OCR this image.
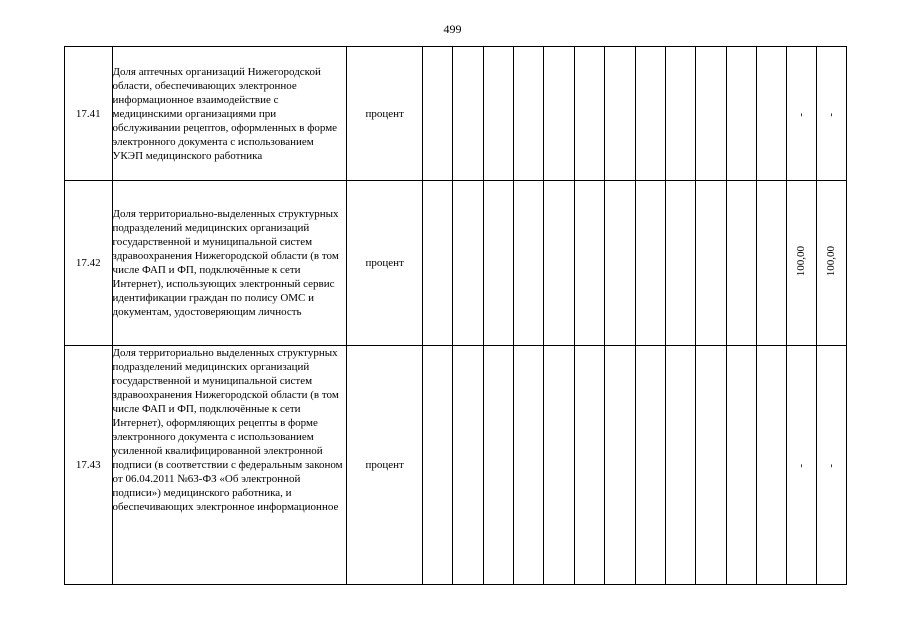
499
17.41	Доля аптечных организаций Нижегородской области, обеспечивающих электронное информационное взаимодействие с медицинскими организациями при обслуживании рецептов, оформленных в форме электронного документа с использованием УКЭП медицинского работника	процент													-	-
17.42	Доля территориально-выделенных структурных подразделений медицинских организаций государственной и муниципальной систем здравоохранения Нижегородской области (в том числе ФАП и ФП, подключённые к сети Интернет), использующих электронный сервис идентификации граждан по полису ОМС и документам, удостоверяющим личность	процент													100,00	100,00
17.43	Доля территориально выделенных структурных подразделений медицинских организаций государственной и муниципальной систем здравоохранения Нижегородской области (в том числе ФАП и ФП, подключённые к сети Интернет), оформляющих рецепты в форме электронного документа с использованием усиленной квалифицированной электронной подписи (в соответствии с федеральным законом от 06.04.2011 №63-ФЗ «Об электронной подписи») медицинского работника, и обеспечивающих электронное информационное	процент													-	-
